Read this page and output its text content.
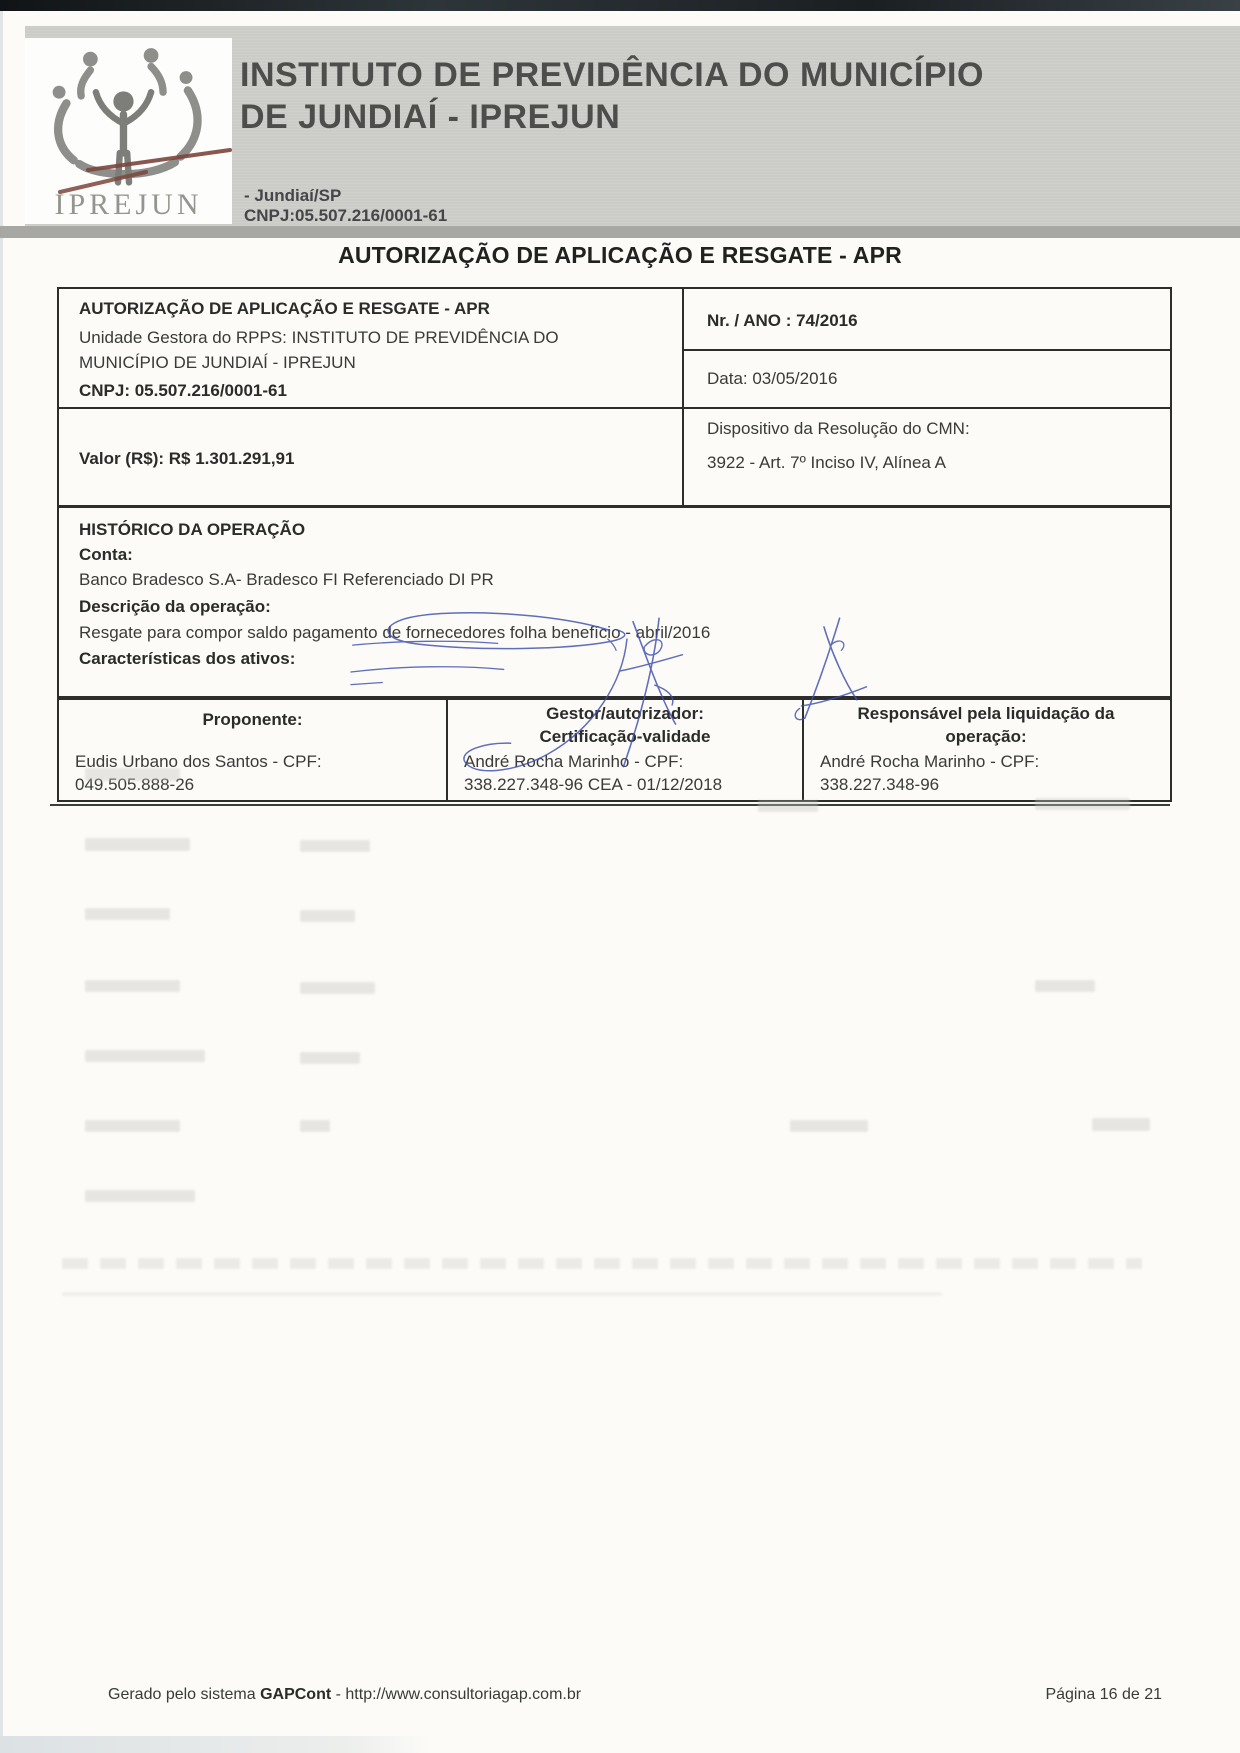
IPREJUN
INSTITUTO DE PREVIDÊNCIA DO MUNICÍPIO
DE JUNDIAÍ - IPREJUN
- Jundiaí/SP
CNPJ:05.507.216/0001-61
AUTORIZAÇÃO DE APLICAÇÃO E RESGATE - APR
AUTORIZAÇÃO DE APLICAÇÃO E RESGATE - APR
Unidade Gestora do RPPS: INSTITUTO DE PREVIDÊNCIA DO
MUNICÍPIO DE JUNDIAÍ - IPREJUN
CNPJ: 05.507.216/0001-61
Nr. / ANO : 74/2016
Data: 03/05/2016
Valor (R$): R$ 1.301.291,91
Dispositivo da Resolução do CMN:
3922 - Art. 7º Inciso IV, Alínea A
HISTÓRICO DA OPERAÇÃO
Conta:
Banco Bradesco S.A- Bradesco FI Referenciado DI PR
Descrição da operação:
Resgate para compor saldo pagamento de fornecedores folha benefício - abril/2016
Características dos ativos:
Proponente:	Gestor/autorizador:
Certificação-validade
Responsável pela liquidação da
operação:
Eudis Urbano dos Santos - CPF:
049.505.888-26
André Rocha Marinho - CPF:
338.227.348-96 CEA - 01/12/2018
André Rocha Marinho - CPF:
338.227.348-96
Gerado pelo sistema GAPCont - http://www.consultoriagap.com.br	Página 16 de 21
